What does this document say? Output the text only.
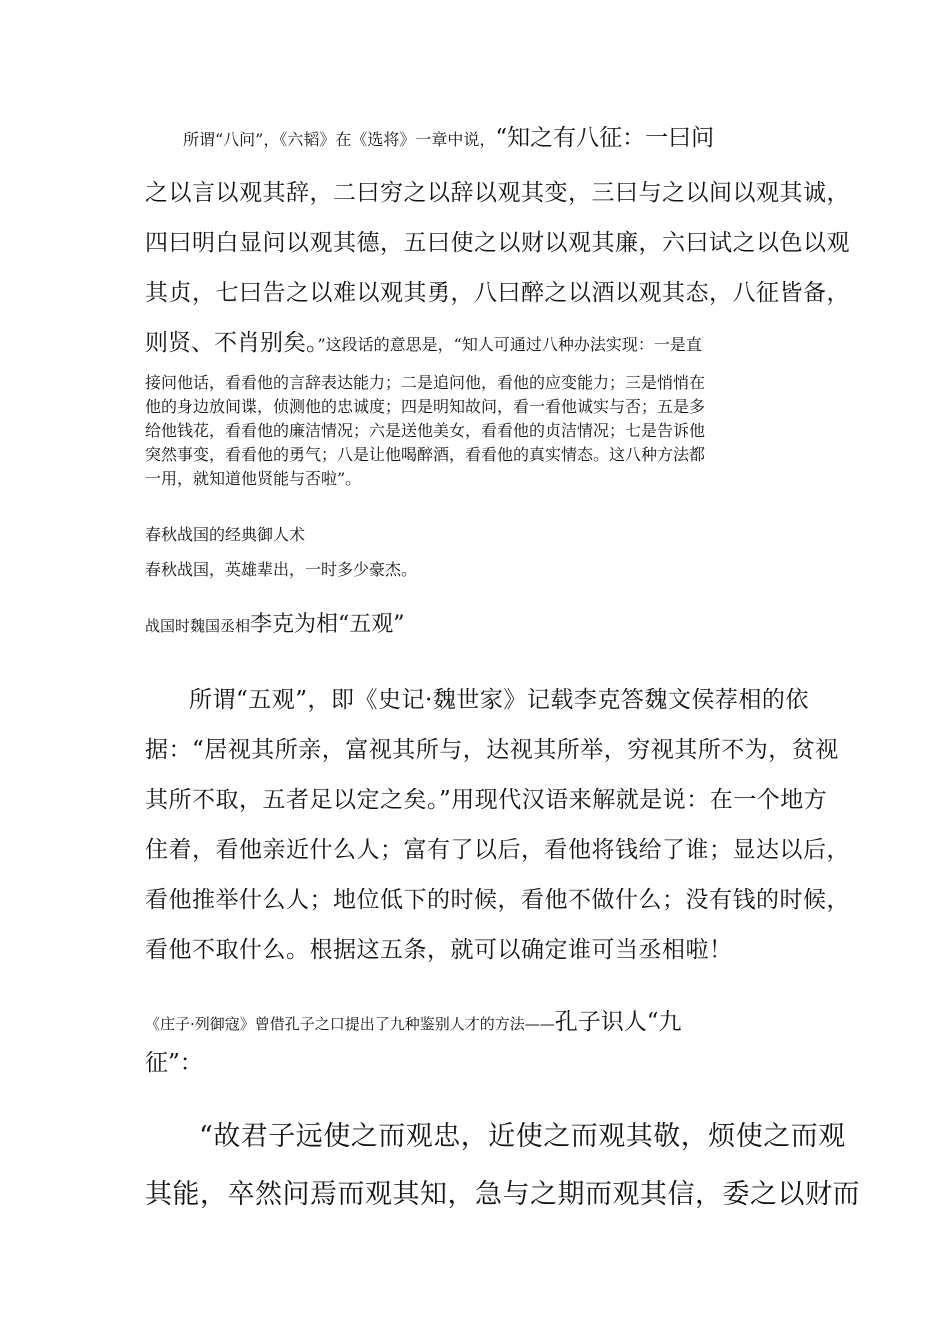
所谓“八问”，《六韬》在《选将》一章中说，“知之有八征：一曰问
之以言以观其辞，二曰穷之以辞以观其变，三曰与之以间以观其诚，
四曰明白显问以观其德，五曰使之以财以观其廉，六曰试之以色以观
其贞，七曰告之以难以观其勇，八曰醉之以酒以观其态，八征皆备，
则贤、不肖别矣。”这段话的意思是，“知人可通过八种办法实现：一是直
接问他话，看看他的言辞表达能力；二是追问他，看他的应变能力；三是悄悄在
他的身边放间谍，侦测他的忠诚度；四是明知故问，看一看他诚实与否；五是多
给他钱花，看看他的廉洁情况；六是送他美女，看看他的贞洁情况；七是告诉他
突然事变，看看他的勇气；八是让他喝醉酒，看看他的真实情态。这八种方法都
一用，就知道他贤能与否啦”。
春秋战国的经典御人术
春秋战国，英雄辈出，一时多少豪杰。
战国时魏国丞相李克为相“五观”
所谓“五观”，即《史记·魏世家》记载李克答魏文侯荐相的依
据：“居视其所亲，富视其所与，达视其所举，穷视其所不为，贫视
其所不取，五者足以定之矣。”用现代汉语来解就是说：在一个地方
住着，看他亲近什么人；富有了以后，看他将钱给了谁；显达以后，
看他推举什么人；地位低下的时候，看他不做什么；没有钱的时候，
看他不取什么。根据这五条，就可以确定谁可当丞相啦！
《庄子·列御寇》曾借孔子之口提出了九种鉴别人才的方法——孔子识人“九
征”：
“故君子远使之而观忠，近使之而观其敬，烦使之而观
其能，卒然问焉而观其知，急与之期而观其信，委之以财而
